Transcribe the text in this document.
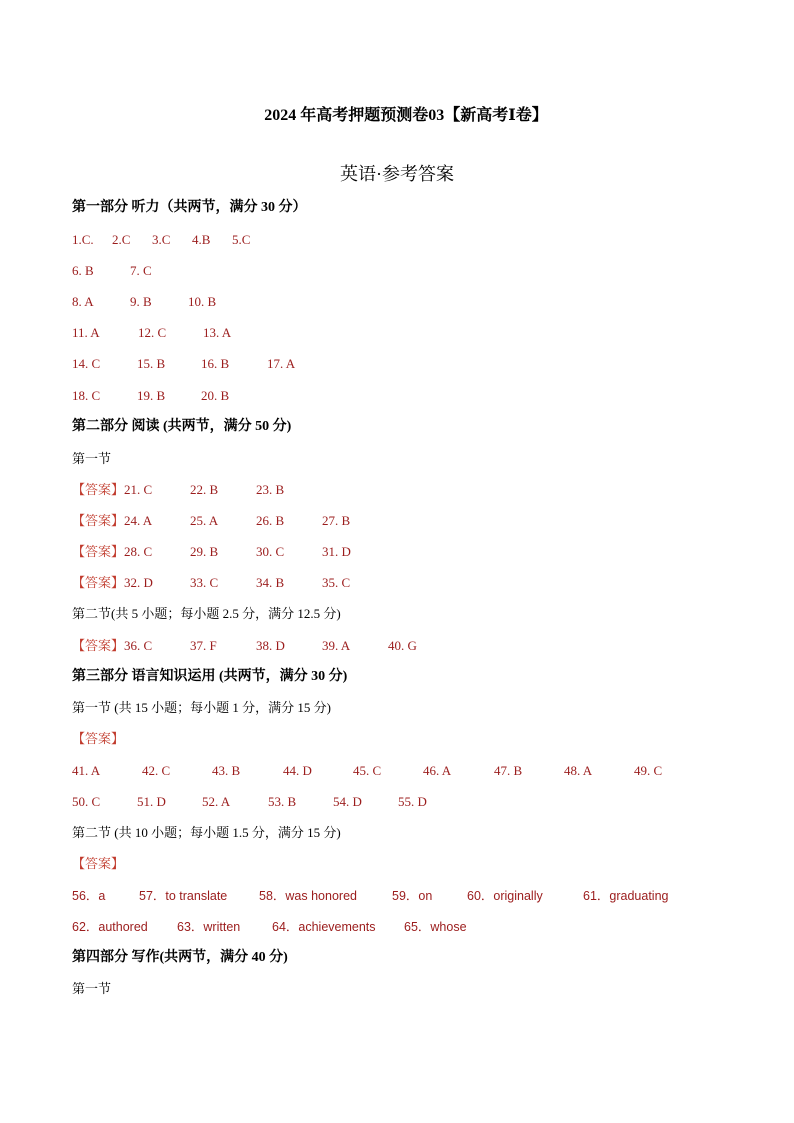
2024 年高考押题预测卷03【新高考Ⅰ卷】
英语·参考答案
第一部分 听力（共两节，满分 30 分）
1.C. 2.C 3.C 4.B 5.C
6. B	7. C
8. A	9. B	10. B
11. A	12. C	13. A
14. C	15. B	16. B	17. A
18. C	19. B	20. B
第二部分 阅读 (共两节，满分 50 分)
第一节
【答案】21. C	22. B	23. B
【答案】24. A	25. A	26. B	27. B
【答案】28. C	29. B	30. C	31. D
【答案】32. D	33. C	34. B	35. C
第二节(共 5 小题；每小题 2.5 分，满分 12.5 分)
【答案】36. C	37. F	38. D	39. A	40. G
第三部分 语言知识运用 (共两节，满分 30 分)
第一节 (共 15 小题；每小题 1 分，满分 15 分)
【答案】
41. A	42. C	43. B	44. D	45. C	46. A	47. B	48. A	49. C
50. C	51. D	52. A	53. B	54. D	55. D
第二节 (共 10 小题；每小题 1.5 分，满分 15 分)
【答案】
56．a	57．to translate	58．was honored	59．on	60．originally	61．graduating
62．authored 63．written	64．achievements 65．whose
第四部分 写作(共两节，满分 40 分)
第一节
